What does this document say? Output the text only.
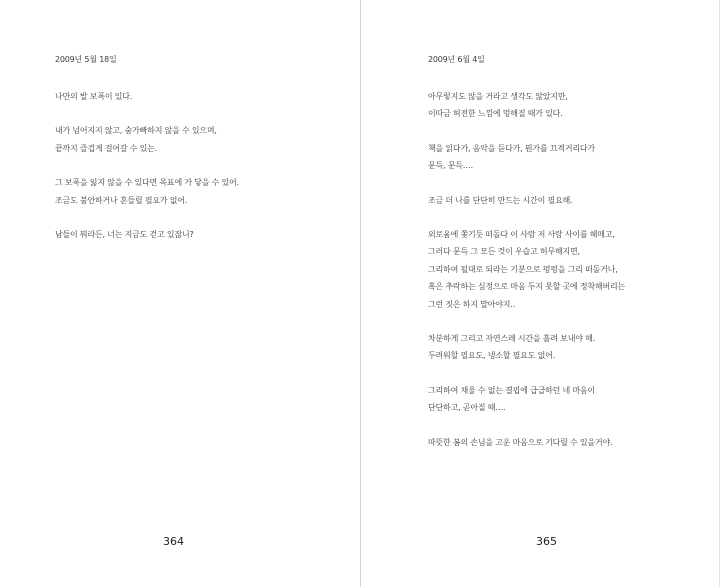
2009년 5월 18일
나만의 발 보폭이 있다.
내가 넘어지지 않고, 숨가빠하지 않을 수 있으며,
끝까지 즐겁게 걸어갈 수 있는.
그 보폭을 잃지 않을 수 있다면 목표에 가 닿을 수 있어.
조금도 불안하거나 흔들릴 필요가 없어.
남들이 뭐라든, 너는 지금도 걷고 있잖니?
364
2009년 6월 4일
아무렇지도 않을 거라고 생각도 않았지만,
이따금 허전한 느낌에 멍해질 때가 있다.
책을 읽다가, 음악을 듣다가, 뭔가를 끄적거리다가
문득, 문득….
조금 더 나를 단단히 만드는 시간이 필요해.
외로움에 쫓기듯 떠돌다 이 사람 저 사람 사이를 헤매고,
그러다 문득 그 모든 것이 우습고 허무해지면,
그리하여 될대로 되라는 기분으로 펑펑을 그리 떠돌거나,
혹은 추락하는 심정으로 마음 두지 못할 곳에 정착해버리는
그런 짓은 하지 말아야지..
차분하게 그리고 자연스레 시간을 흘려 보내야 해.
두려워할 필요도, 냉소할 필요도 없어.
그리하여 채울 수 없는 결핍에 급급하던 네 마음이
단단하고, 곧아질 때….
따뜻한 봄의 손님을 고운 마음으로 기다릴 수 있을거야.
365
